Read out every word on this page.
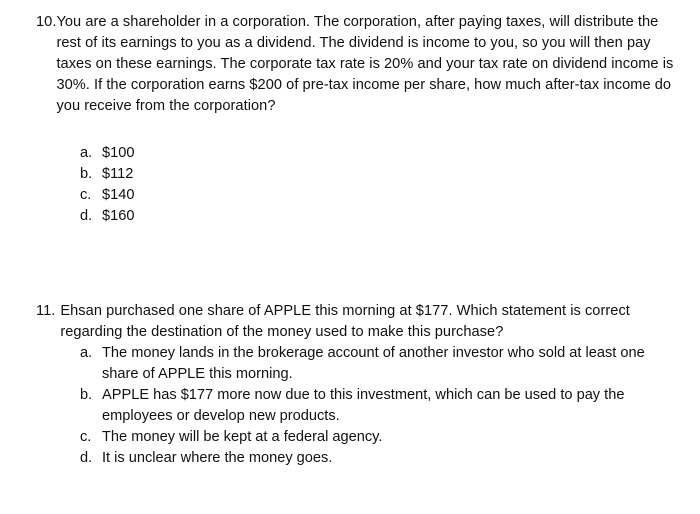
10. You are a shareholder in a corporation. The corporation, after paying taxes, will distribute the rest of its earnings to you as a dividend. The dividend is income to you, so you will then pay taxes on these earnings. The corporate tax rate is 20% and your tax rate on dividend income is 30%. If the corporation earns $200 of pre-tax income per share, how much after-tax income do you receive from the corporation?

a. $100
b. $112
c. $140
d. $160

11. Ehsan purchased one share of APPLE this morning at $177. Which statement is correct regarding the destination of the money used to make this purchase?

a. The money lands in the brokerage account of another investor who sold at least one share of APPLE this morning.
b. APPLE has $177 more now due to this investment, which can be used to pay the employees or develop new products.
c. The money will be kept at a federal agency.
d. It is unclear where the money goes.
